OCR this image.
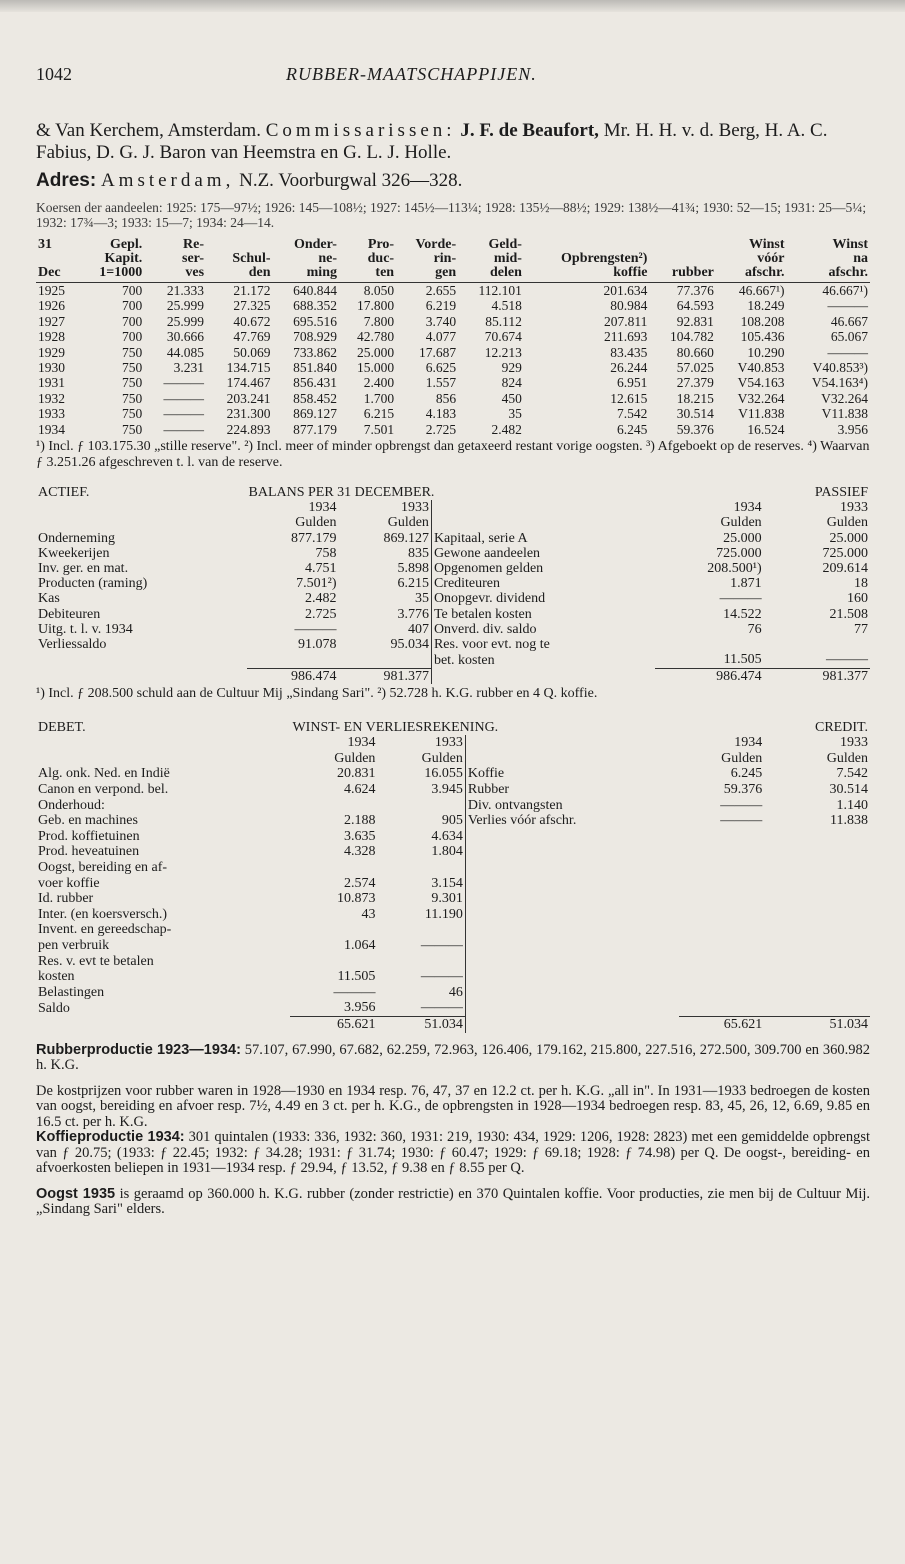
1042	RUBBER-MAATSCHAPPIJEN.
& Van Kerchem, Amsterdam. Commissarissen: J. F. de Beaufort, Mr. H. H. v. d. Berg, H. A. C. Fabius, D. G. J. Baron van Heemstra en G. L. J. Holle.
Adres: Amsterdam, N.Z. Voorburgwal 326—328.
Koersen der aandeelen: 1925: 175—97½; 1926: 145—108½; 1927: 145½—113¼; 1928: 135½—88½; 1929: 138½—41¾; 1930: 52—15; 1931: 25—5¼; 1932: 17¾—3; 1933: 15—7; 1934: 24—14.
31	Gepl.	Re-		Onder-	Pro-	Vorde-	Geld-			Winst	Winst
	Kapit.	ser-	Schul-	ne-	duc-	rin-	mid-	Opbrengsten²)		vóór	na
Dec	1=1000	ves	den	ming	ten	gen	delen	koffie	rubber	afschr.	afschr.
1925	700	21.333	21.172	640.844	8.050	2.655	112.101	201.634	77.376	46.667¹)	46.667¹)
1926	700	25.999	27.325	688.352	17.800	6.219	4.518	80.984	64.593	18.249	———
1927	700	25.999	40.672	695.516	7.800	3.740	85.112	207.811	92.831	108.208	46.667
1928	700	30.666	47.769	708.929	42.780	4.077	70.674	211.693	104.782	105.436	65.067
1929	750	44.085	50.069	733.862	25.000	17.687	12.213	83.435	80.660	10.290	———
1930	750	3.231	134.715	851.840	15.000	6.625	929	26.244	57.025	V40.853	V40.853³)
1931	750	———	174.467	856.431	2.400	1.557	824	6.951	27.379	V54.163	V54.163⁴)
1932	750	———	203.241	858.452	1.700	856	450	12.615	18.215	V32.264	V32.264
1933	750	———	231.300	869.127	6.215	4.183	35	7.542	30.514	V11.838	V11.838
1934	750	———	224.893	877.179	7.501	2.725	2.482	6.245	59.376	16.524	3.956
¹) Incl. ƒ 103.175.30 „stille reserve". ²) Incl. meer of minder opbrengst dan getaxeerd restant vorige oogsten. ³) Afgeboekt op de reserves. ⁴) Waarvan ƒ 3.251.26 afgeschreven t. l. van de reserve.
ACTIEF.	BALANS PER 31 DECEMBER.				PASSIEF
	1934	1933		1934	1933
	Gulden	Gulden		Gulden	Gulden
Onderneming	877.179	869.127	Kapitaal, serie A	25.000	25.000
Kweekerijen	758	835	Gewone aandeelen	725.000	725.000
Inv. ger. en mat.	4.751	5.898	Opgenomen gelden	208.500¹)	209.614
Producten (raming)	7.501²)	6.215	Crediteuren	1.871	18
Kas	2.482	35	Onopgevr. dividend	———	160
Debiteuren	2.725	3.776	Te betalen kosten	14.522	21.508
Uitg. t. l. v. 1934	———	407	Onverd. div. saldo	76	77
Verliessaldo	91.078	95.034	Res. voor evt. nog te		
			bet. kosten	11.505	———
	986.474	981.377		986.474	981.377
¹) Incl. ƒ 208.500 schuld aan de Cultuur Mij „Sindang Sari". ²) 52.728 h. K.G. rubber en 4 Q. koffie.
DEBET.	WINST- EN VERLIESREKENING.				CREDIT.
	1934	1933		1934	1933
	Gulden	Gulden		Gulden	Gulden
Alg. onk. Ned. en Indië	20.831	16.055	Koffie	6.245	7.542
Canon en verpond. bel.	4.624	3.945	Rubber	59.376	30.514
Onderhoud:			Div. ontvangsten	———	1.140
Geb. en machines	2.188	905	Verlies vóór afschr.	———	11.838
Prod. koffietuinen	3.635	4.634			
Prod. heveatuinen	4.328	1.804			
Oogst, bereiding en af-					
voer koffie	2.574	3.154			
Id. rubber	10.873	9.301			
Inter. (en koersversch.)	43	11.190			
Invent. en gereedschap-					
pen verbruik	1.064	———			
Res. v. evt te betalen					
kosten	11.505	———			
Belastingen	———	46			
Saldo	3.956	———			
	65.621	51.034		65.621	51.034
Rubberproductie 1923—1934: 57.107, 67.990, 67.682, 62.259, 72.963, 126.406, 179.162, 215.800, 227.516, 272.500, 309.700 en 360.982 h. K.G.
De kostprijzen voor rubber waren in 1928—1930 en 1934 resp. 76, 47, 37 en 12.2 ct. per h. K.G. „all in". In 1931—1933 bedroegen de kosten van oogst, bereiding en afvoer resp. 7½, 4.49 en 3 ct. per h. K.G., de opbrengsten in 1928—1934 bedroegen resp. 83, 45, 26, 12, 6.69, 9.85 en 16.5 ct. per h. K.G.
Koffieproductie 1934: 301 quintalen (1933: 336, 1932: 360, 1931: 219, 1930: 434, 1929: 1206, 1928: 2823) met een gemiddelde opbrengst van ƒ 20.75; (1933: ƒ 22.45; 1932: ƒ 34.28; 1931: ƒ 31.74; 1930: ƒ 60.47; 1929: ƒ 69.18; 1928: ƒ 74.98) per Q. De oogst-, bereiding- en afvoerkosten beliepen in 1931—1934 resp. ƒ 29.94, ƒ 13.52, ƒ 9.38 en ƒ 8.55 per Q.
Oogst 1935 is geraamd op 360.000 h. K.G. rubber (zonder restrictie) en 370 Quintalen koffie. Voor producties, zie men bij de Cultuur Mij. „Sindang Sari" elders.
